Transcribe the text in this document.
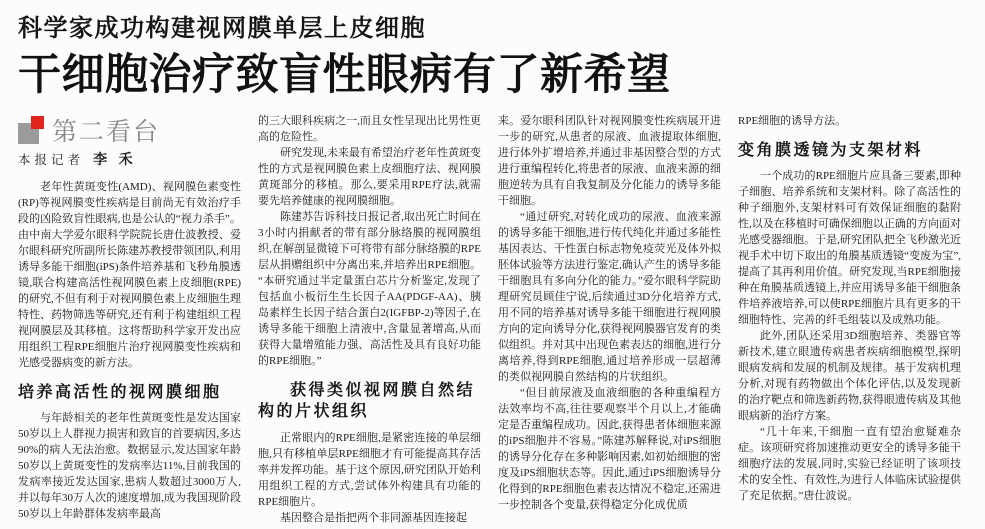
科学家成功构建视网膜单层上皮细胞
干细胞治疗致盲性眼病有了新希望
第二看台
本报记者 李 禾

老年性黄斑变性(AMD)、视网膜色素变性(RP)等视网膜变性疾病是目前尚无有效治疗手段的凶险致盲性眼病,也是公认的“视力杀手”。由中南大学爱尔眼科学院院长唐仕波教授、爱尔眼科研究所副所长陈建苏教授带领团队,利用诱导多能干细胞(iPS)条件培养基和飞秒角膜透镜,联合构建高活性视网膜色素上皮细胞(RPE)的研究,不但有利于对视网膜色素上皮细胞生理特性、药物筛选等研究,还有利于构建组织工程视网膜层及其移植。这将帮助科学家开发出应用组织工程RPE细胞片治疗视网膜变性疾病和光感受器病变的新方法。

培养高活性的视网膜细胞

与年龄相关的老年性黄斑变性是发达国家50岁以上人群视力损害和致盲的首要病因,多达90%的病人无法治愈。数据显示,发达国家年龄50岁以上黄斑变性的发病率达11%,目前我国的发病率接近发达国家,患病人数超过3000万人,并以每年30万人次的速度增加,成为我国现阶段50岁以上年龄群体发病率最高

的三大眼科疾病之一,而且女性呈现出比男性更高的危险性。

研究发现,未来最有希望治疗老年性黄斑变性的方式是视网膜色素上皮细胞疗法、视网膜黄斑部分的移植。那么,要采用RPE疗法,就需要先培养健康的视网膜细胞。

陈建苏告诉科技日报记者,取出死亡时间在3小时内捐献者的带有部分脉络膜的视网膜组织,在解剖显微镜下可将带有部分脉络膜的RPE层从捐赠组织中分离出来,并培养出RPE细胞。“本研究通过半定量蛋白芯片分析鉴定,发现了包括血小板衍生生长因子AA(PDGF-AA)、胰岛素样生长因子结合蛋白2(IGFBP-2)等因子,在诱导多能干细胞上清液中,含量显著增高,从而获得大量增殖能力强、高活性及具有良好功能的RPE细胞。”

获得类似视网膜自然结构的片状组织

正常眼内的RPE细胞,是紧密连接的单层细胞,只有移植单层RPE细胞才有可能提高其存活率并发挥功能。基于这个原因,研究团队开始利用组织工程的方式,尝试体外构建具有功能的RPE细胞片。

基因整合是指把两个非同源基因连接起

来。爱尔眼科团队针对视网膜变性疾病展开进一步的研究,从患者的尿液、血液提取体细胞,进行体外扩增培养,并通过非基因整合型的方式进行重编程转化,将患者的尿液、血液来源的细胞逆转为具有自我复制及分化能力的诱导多能干细胞。

“通过研究,对转化成功的尿液、血液来源的诱导多能干细胞,进行传代纯化并通过多能性基因表达、干性蛋白标志物免疫荧光及体外拟胚体试验等方法进行鉴定,确认产生的诱导多能干细胞具有多向分化的能力。”爱尔眼科学院助理研究员顾佳宁说,后续通过3D分化培养方式,用不同的培养基对诱导多能干细胞进行视网膜方向的定向诱导分化,获得视网膜器官发育的类似组织。并对其中出现色素表达的细胞,进行分离培养,得到RPE细胞,通过培养形成一层超薄的类似视网膜自然结构的片状组织。

“但目前尿液及血液细胞的各种重编程方法效率均不高,往往要观察半个月以上,才能确定是否重编程成功。因此,获得患者体细胞来源的iPS细胞并不容易。”陈建苏解释说,对iPS细胞的诱导分化存在多种影响因素,如初始细胞的密度及iPS细胞状态等。因此,通过iPS细胞诱导分化得到的RPE细胞色素表达情况不稳定,还需进一步控制各个变量,获得稳定分化成优质

RPE细胞的诱导方法。

变角膜透镜为支架材料

一个成功的RPE细胞片应具备三要素,即种子细胞、培养系统和支架材料。除了高活性的种子细胞外,支架材料可有效保证细胞的黏附性,以及在移植时可确保细胞以正确的方向面对光感受器细胞。于是,研究团队把全飞秒激光近视手术中切下取出的角膜基质透镜“变废为宝”,提高了其再利用价值。研究发现,当RPE细胞接种在角膜基质透镜上,并应用诱导多能干细胞条件培养液培养,可以使RPE细胞片具有更多的干细胞特性、完善的纤毛组装以及成熟功能。

此外,团队还采用3D细胞培养、类器官等新技术,建立眼遗传病患者疾病细胞模型,探明眼病发病和发展的机制及规律。基于发病机理分析,对现有药物做出个体化评估,以及发现新的治疗靶点和筛选新药物,获得眼遗传病及其他眼病新的治疗方案。

“几十年来,干细胞一直有望治愈疑难杂症。该项研究将加速推动更安全的诱导多能干细胞疗法的发展,同时,实验已经证明了该项技术的安全性、有效性,为进行人体临床试验提供了充足依据。”唐仕波说。
